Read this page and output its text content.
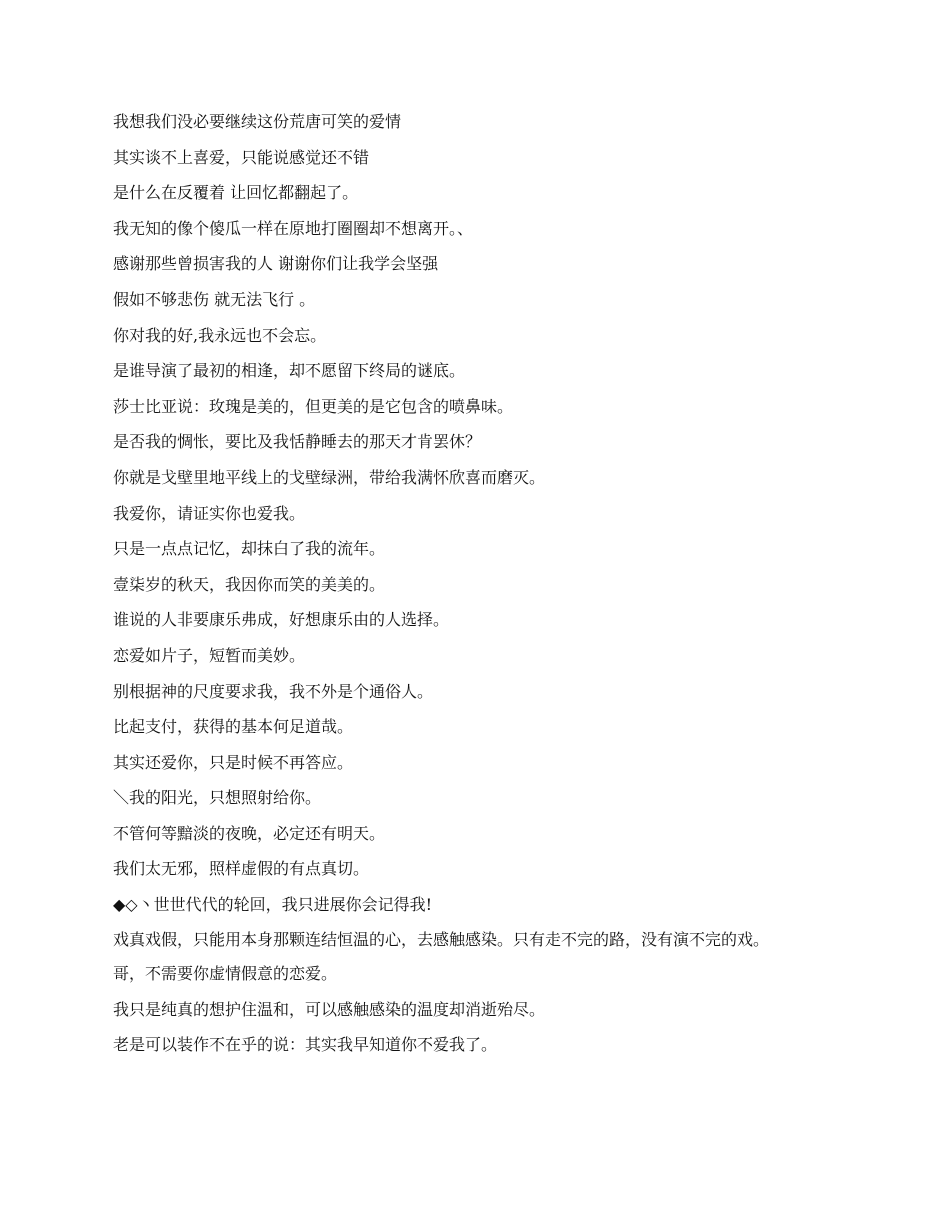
我想我们没必要继续这份荒唐可笑的爱情

其实谈不上喜爱，只能说感觉还不错

是什么在反覆着 让回忆都翻起了。

我无知的像个傻瓜一样在原地打圈圈却不想离开。、

感谢那些曾损害我的人 谢谢你们让我学会坚强

假如不够悲伤 就无法飞行 。

你对我的好,我永远也不会忘。

是谁导演了最初的相逢，却不愿留下终局的谜底。

莎士比亚说：玫瑰是美的，但更美的是它包含的喷鼻味。

是否我的惆怅，要比及我恬静睡去的那天才肯罢休？

你就是戈壁里地平线上的戈壁绿洲，带给我满怀欣喜而磨灭。

我爱你，请证实你也爱我。

只是一点点记忆，却抹白了我的流年。

壹柒岁的秋天，我因你而笑的美美的。

谁说的人非要康乐弗成，好想康乐由的人选择。

恋爱如片子，短暂而美妙。

别根据神的尺度要求我，我不外是个通俗人。

比起支付，获得的基本何足道哉。

其实还爱你，只是时候不再答应。

＼我的阳光，只想照射给你。

不管何等黯淡的夜晚，必定还有明天。

我们太无邪，照样虚假的有点真切。

◆◇丶世世代代的轮回，我只进展你会记得我!

戏真戏假，只能用本身那颗连结恒温的心，去感触感染。只有走不完的路，没有演不完的戏。

哥，不需要你虚情假意的恋爱。

我只是纯真的想护住温和，可以感触感染的温度却消逝殆尽。

老是可以装作不在乎的说：其实我早知道你不爱我了。
